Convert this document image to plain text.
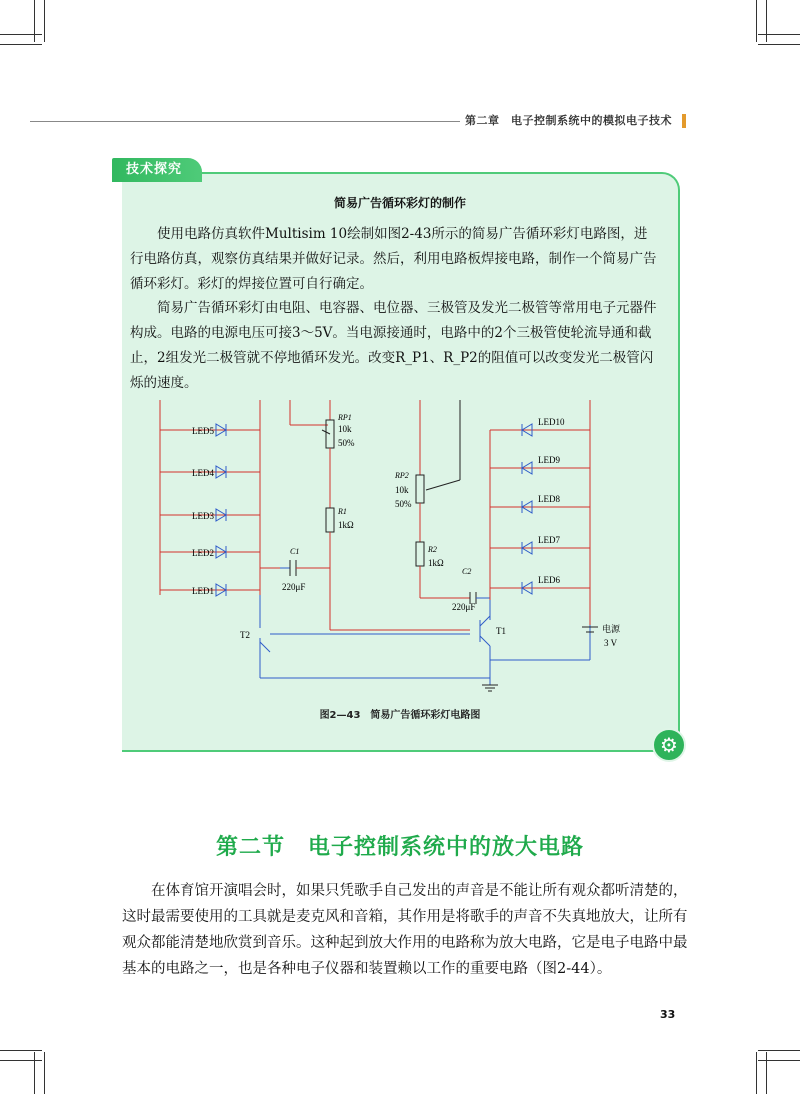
第二章　电子控制系统中的模拟电子技术
技术探究
简易广告循环彩灯的制作

使用电路仿真软件Multisim 10绘制如图2-43所示的简易广告循环彩灯电路图，进行电路仿真，观察仿真结果并做好记录。然后，利用电路板焊接电路，制作一个简易广告循环彩灯。彩灯的焊接位置可自行确定。

简易广告循环彩灯由电阻、电容器、电位器、三极管及发光二极管等常用电子元器件构成。电路的电源电压可接3～5V。当电源接通时，电路中的2个三极管使轮流导通和截止，2组发光二极管就不停地循环发光。改变R_P1、R_P2的阻值可以改变发光二极管闪烁的速度。

LED5
LED4
LED3
LED2
LED1
RP1
10k
50%
R1
1kΩ
C1
220μF
RP2
10k
50%
R2
1kΩ
C2
220μF
LED10
LED9
LED8
LED7
LED6
T1
T2
电源
3 V
图2—43　简易广告循环彩灯电路图
⚙
第二节　电子控制系统中的放大电路

在体育馆开演唱会时，如果只凭歌手自己发出的声音是不能让所有观众都听清楚的，这时最需要使用的工具就是麦克风和音箱，其作用是将歌手的声音不失真地放大，让所有观众都能清楚地欣赏到音乐。这种起到放大作用的电路称为放大电路，它是电子电路中最基本的电路之一，也是各种电子仪器和装置赖以工作的重要电路（图2-44）。

33
